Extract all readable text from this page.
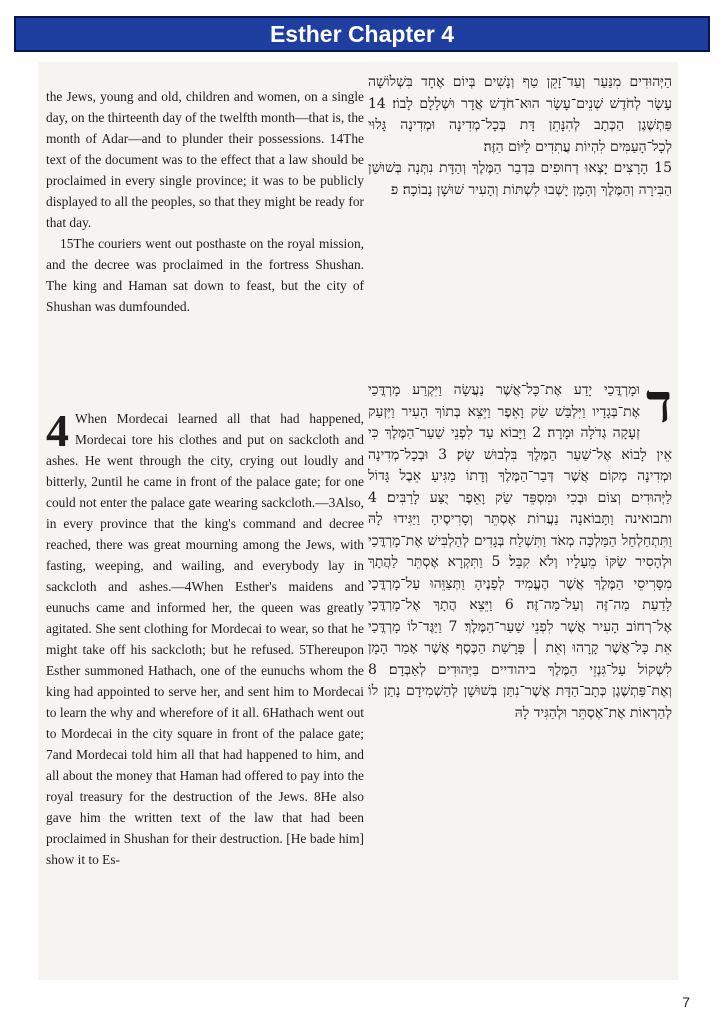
Esther Chapter 4

the Jews, young and old, children and women, on a single day, on the thirteenth day of the twelfth month—that is, the month of Adar—and to plunder their possessions. 14The text of the document was to the effect that a law should be proclaimed in every single province; it was to be publicly displayed to all the peoples, so that they might be ready for that day.

15The couriers went out posthaste on the royal mission, and the decree was proclaimed in the fortress Shushan. The king and Haman sat down to feast, but the city of Shushan was dumfounded.

הַיְּהוּדִים מִנַּעַר וְעַד־זָקֵן טַף וְנָשִׁים בְּיוֹם אֶחָד בִּשְׁלוֹשָׁה עָשָׂר לְחֹדֶשׁ שְׁנֵים־עָשָׂר הוּא־חֹדֶשׁ אֲדָר וּשְׁלָלָם לָבוֹז׃ 14 פַּתְשֶׁגֶן הַכְּתָב לְהִנָּתֵן דָּת בְּכָל־מְדִינָה וּמְדִינָה גָּלוּי לְכָל־הָעַמִּים לִהְיוֹת עֲתִדִים לַיּוֹם הַזֶּה׃

15 הָרָצִים יָצְאוּ דְחוּפִים בִּדְבַר הַמֶּלֶךְ וְהַדָּת נִתְּנָה בְּשׁוּשַׁן הַבִּירָה וְהַמֶּלֶךְ וְהָמָן יָשְׁבוּ לִשְׁתּוֹת וְהָעִיר שׁוּשָׁן נָבוֹכָה׃ פ

4 When Mordecai learned all that had happened, Mordecai tore his clothes and put on sackcloth and ashes. He went through the city, crying out loudly and bitterly, 2until he came in front of the palace gate; for one could not enter the palace gate wearing sackcloth.—3Also, in every province that the king's command and decree reached, there was great mourning among the Jews, with fasting, weeping, and wailing, and everybody lay in sackcloth and ashes.—4When Esther's maidens and eunuchs came and informed her, the queen was greatly agitated. She sent clothing for Mordecai to wear, so that he might take off his sackcloth; but he refused. 5Thereupon Esther summoned Hathach, one of the eunuchs whom the king had appointed to serve her, and sent him to Mordecai to learn the why and wherefore of it all. 6Hathach went out to Mordecai in the city square in front of the palace gate; 7and Mordecai told him all that had happened to him, and all about the money that Haman had offered to pay into the royal treasury for the destruction of the Jews. 8He also gave him the written text of the law that had been proclaimed in Shushan for their destruction. [He bade him] show it to Es-

ד

וּמָרְדֳּכַי יָדַע אֶת־כָּל־אֲשֶׁר נַעֲשָׂה וַיִּקְרַע מָרְדֳּכַי אֶת־בְּגָדָיו וַיִּלְבַּשׁ שַׂק וָאֵפֶר וַיֵּצֵא בְּתוֹךְ הָעִיר וַיִּזְעַק זְעָקָה גְדֹלָה וּמָרָה׃ 2 וַיָּבוֹא עַד לִפְנֵי שַׁעַר־הַמֶּלֶךְ כִּי אֵין לָבוֹא אֶל־שַׁעַר הַמֶּלֶךְ בִּלְבוּשׁ שָׂק׃ 3 וּבְכָל־מְדִינָה וּמְדִינָה מְקוֹם אֲשֶׁר דְּבַר־הַמֶּלֶךְ וְדָתוֹ מַגִּיעַ אֵבֶל גָּדוֹל לַיְּהוּדִים וְצוֹם וּבְכִי וּמִסְפֵּד שַׂק וָאֵפֶר יֻצַּע לָרַבִּים׃ 4 ותבואינה וַתָּבוֹאנָה נַעֲרוֹת אֶסְתֵּר וְסָרִיסֶיהָ וַיַּגִּידוּ לָהּ וַתִּתְחַלְחַל הַמַּלְכָּה מְאֹד וַתִּשְׁלַח בְּגָדִים לְהַלְבִּישׁ אֶת־מָרְדֳּכַי וּלְהָסִיר שַׂקּוֹ מֵעָלָיו וְלֹא קִבֵּל׃ 5 וַתִּקְרָא אֶסְתֵּר לַהֲתָךְ מִסָּרִיסֵי הַמֶּלֶךְ אֲשֶׁר הֶעֱמִיד לְפָנֶיהָ וַתְּצַוֵּהוּ עַל־מָרְדֳּכָי לָדַעַת מַה־זֶּה וְעַל־מַה־זֶּה׃ 6 וַיֵּצֵא הֲתָךְ אֶל־מָרְדֳּכָי אֶל־רְחוֹב הָעִיר אֲשֶׁר לִפְנֵי שַׁעַר־הַמֶּלֶךְ׃ 7 וַיַּגֶּד־לוֹ מָרְדֳּכַי אֵת כָּל־אֲשֶׁר קָרָהוּ וְאֵת ׀ פָּרָשַׁת הַכֶּסֶף אֲשֶׁר אָמַר הָמָן לִשְׁקוֹל עַל־גִּנְזֵי הַמֶּלֶךְ ביהודיים בַּיְּהוּדִים לְאַבְּדָם׃ 8 וְאֶת־פַּתְשֶׁגֶן כְּתָב־הַדָּת אֲשֶׁר־נִתַּן בְּשׁוּשָׁן לְהַשְׁמִידָם נָתַן לוֹ לְהַרְאוֹת אֶת־אֶסְתֵּר וּלְהַגִּיד לָהּ

7
